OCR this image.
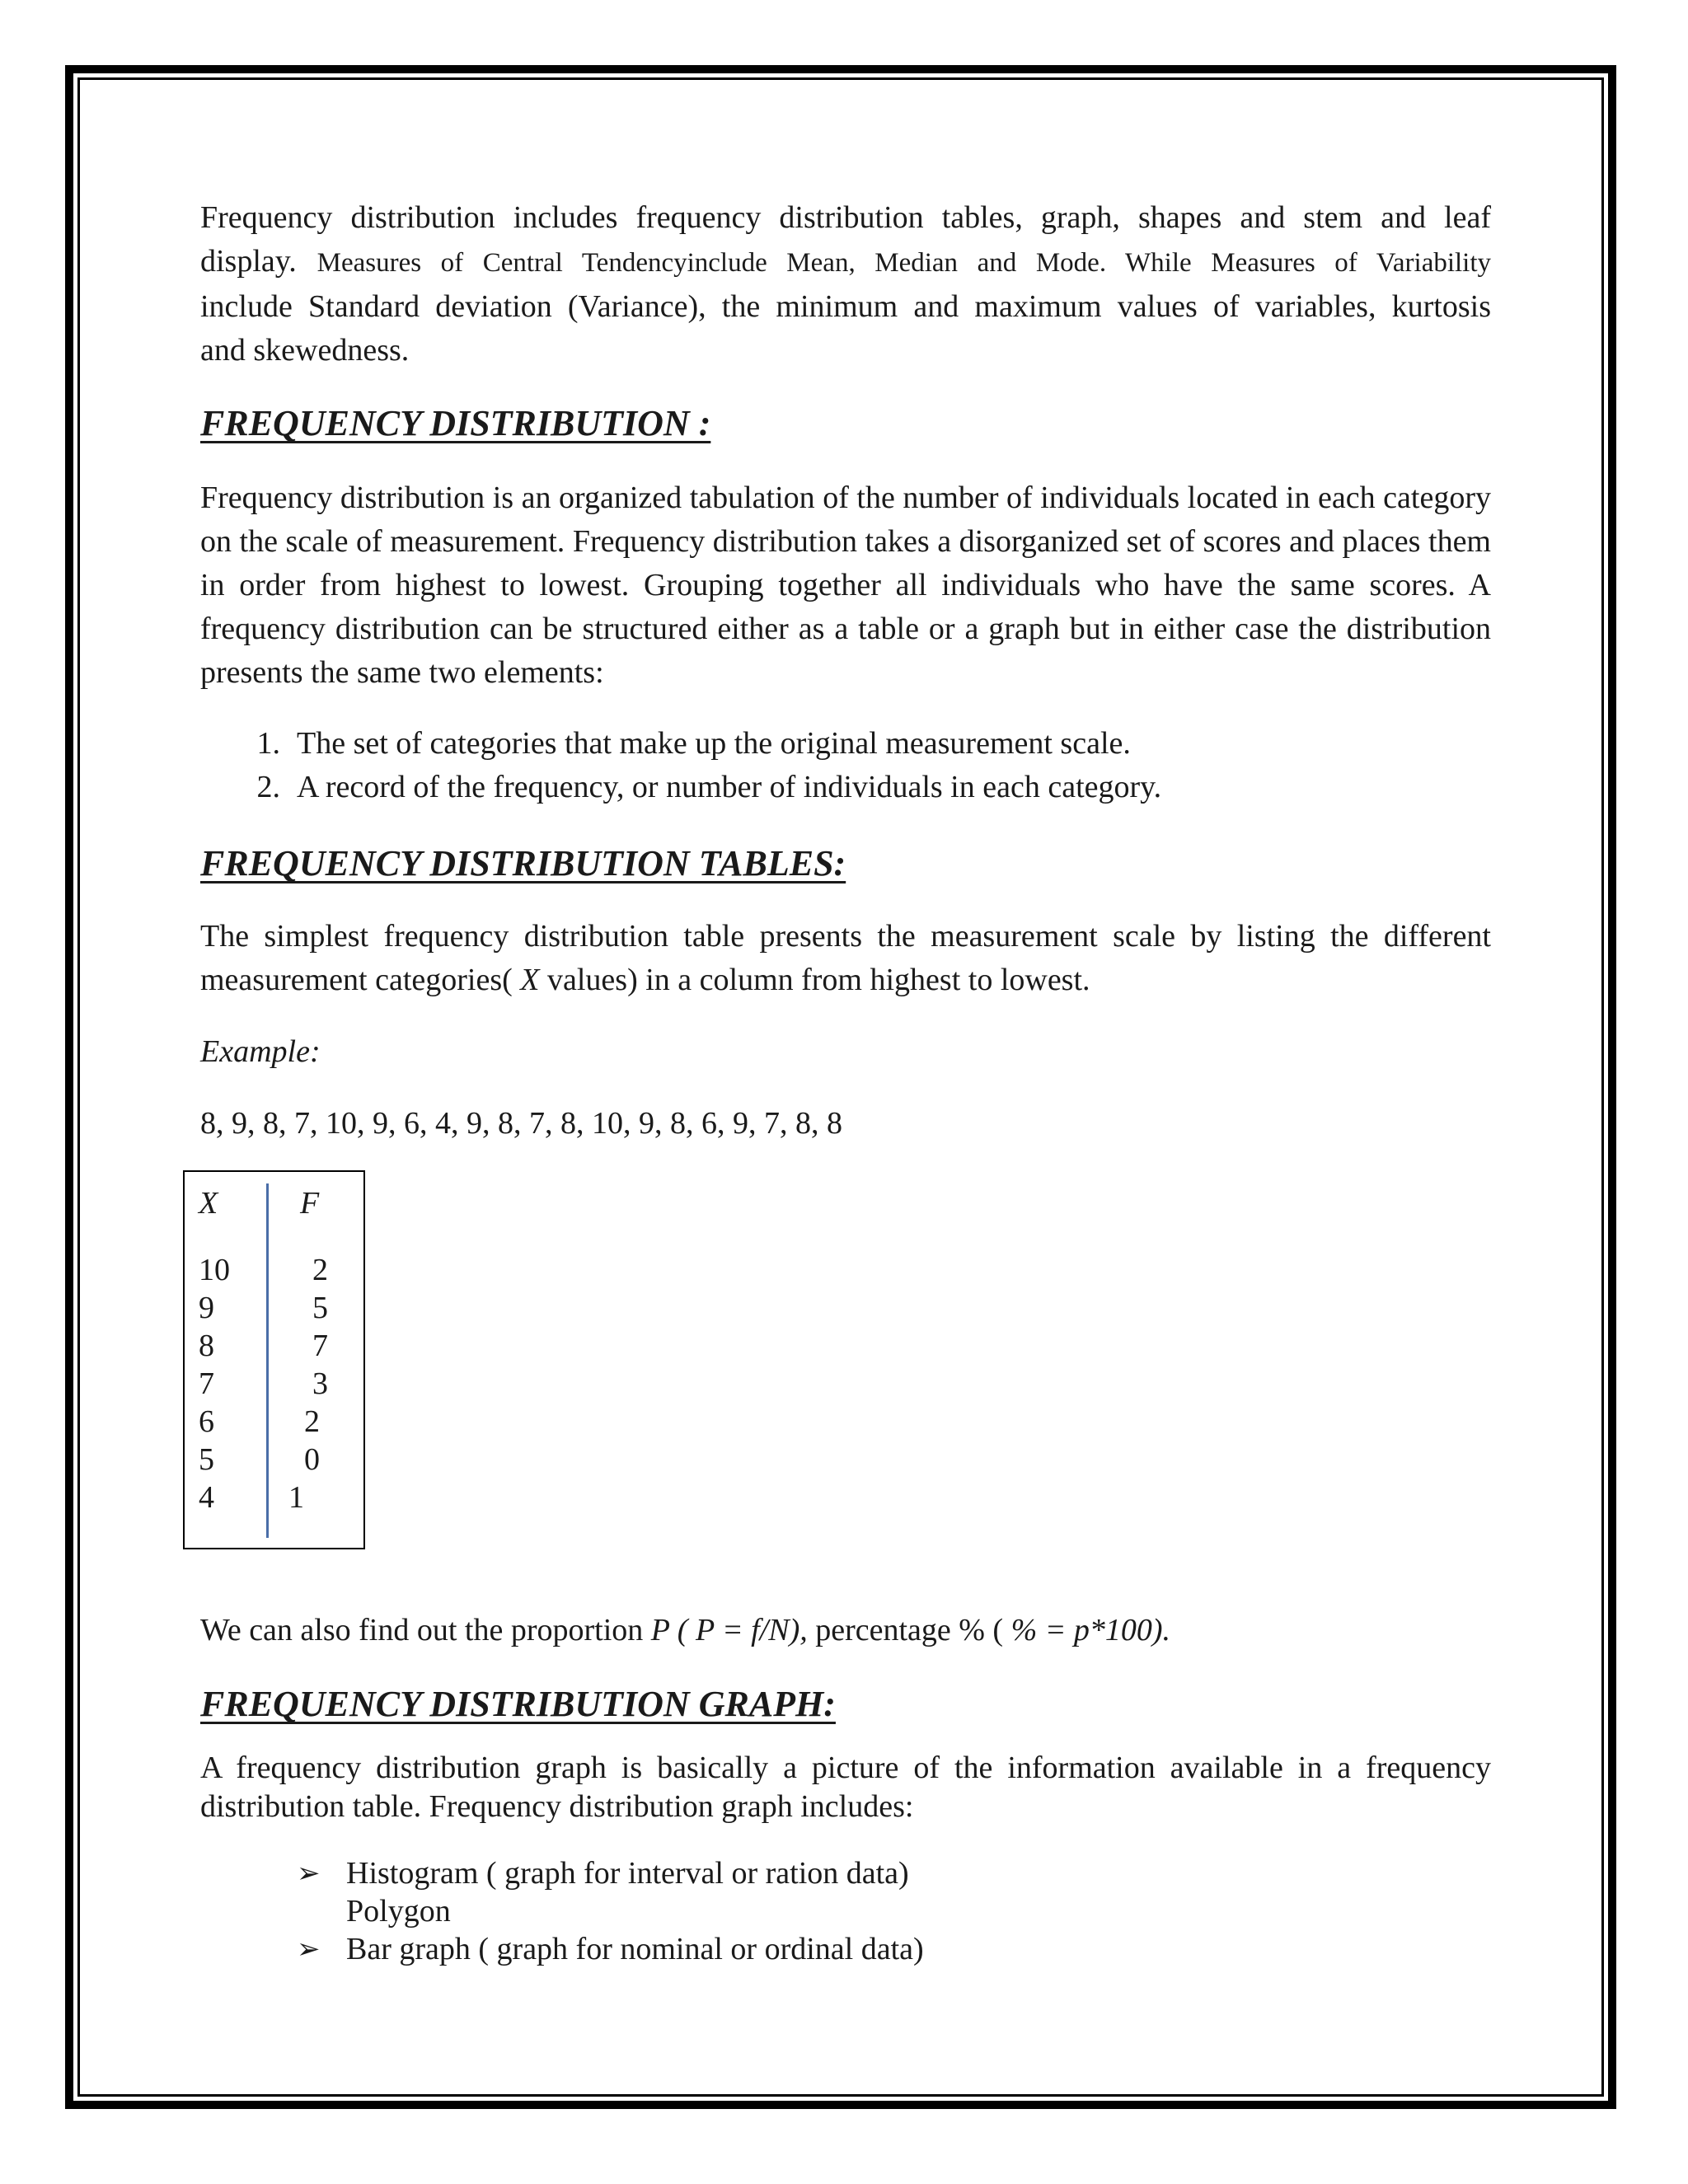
Frequency distribution includes frequency distribution tables, graph, shapes and stem and leaf

display. Measures of Central Tendencyinclude Mean, Median and Mode. While Measures of Variability

include Standard deviation (Variance), the minimum and maximum values of variables, kurtosis

and skewedness.

FREQUENCY DISTRIBUTION :

Frequency distribution is an organized tabulation of the number of individuals located in each category on the scale of measurement. Frequency distribution takes a disorganized set of scores and places them in order from highest to lowest. Grouping together all individuals who have the same scores. A frequency distribution can be structured either as a table or a graph but in either case the distribution presents the same two elements:

1. The set of categories that make up the original measurement scale.
2. A record of the frequency, or number of individuals in each category.
FREQUENCY DISTRIBUTION TABLES:

The simplest frequency distribution table presents the measurement scale by listing the different measurement categories( X values) in a column from highest to lowest.

Example:
8, 9, 8, 7, 10, 9, 6, 4, 9, 8, 7, 8, 10, 9, 8, 6, 9, 7, 8, 8
X	F
10	2
9	5
8	7
7	3
6	2
5	0
4 1
We can also find out the proportion P ( P = f/N), percentage % ( % = p*100).
FREQUENCY DISTRIBUTION GRAPH:

A frequency distribution graph is basically a picture of the information available in a frequency distribution table. Frequency distribution graph includes:

➢ Histogram ( graph for interval or ration data)
Polygon
➢ Bar graph ( graph for nominal or ordinal data)
